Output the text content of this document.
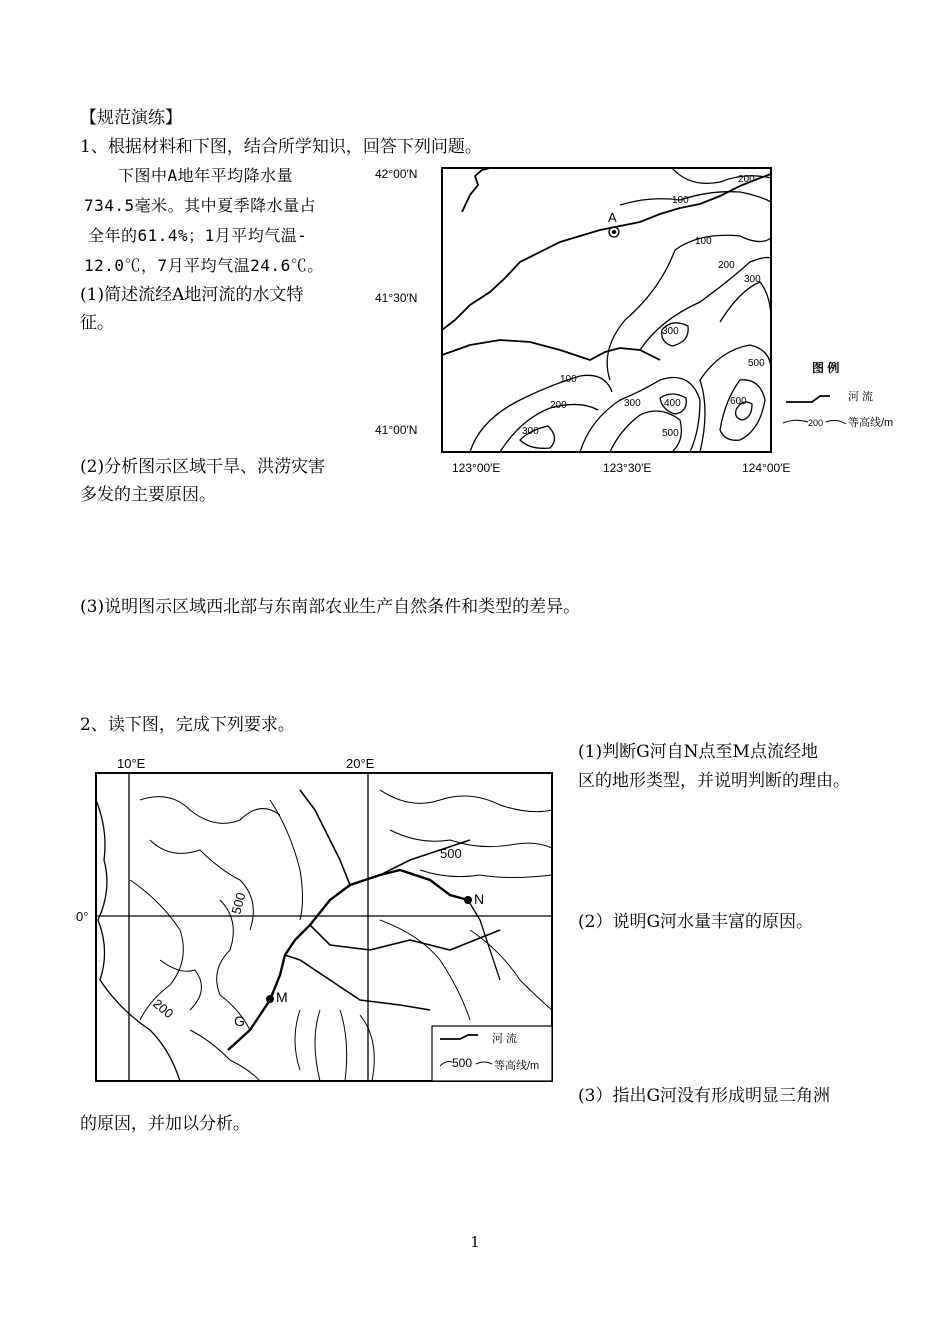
【规范演练】
1、根据材料和下图，结合所学知识，回答下列问题。
下图中A地年平均降水量
734.5毫米。其中夏季降水量占
全年的61.4%；1月平均气温-
12.0℃，7月平均气温24.6℃。
(1)简述流经A地河流的水文特
征。
(2)分析图示区域干旱、洪涝灾害
多发的主要原因。
(3)说明图示区域西北部与东南部农业生产自然条件和类型的差异。
A
200
100
100
200
300
300
100
200
300
300 400
500
500
600
42°00′N
41°30′N
41°00′N
123°00′E	123°30′E	124°00′E
图 例
河 流
200 等高线/m
2、读下图，完成下列要求。
(1)判断G河自N点至M点流经地
区的地形类型，并说明判断的理由。
(2）说明G河水量丰富的原因。
(3）指出G河没有形成明显三角洲
的原因，并加以分析。
N
M
G
500
500
200
10°E	20°E
0°
河 流
500 等高线/m
1
